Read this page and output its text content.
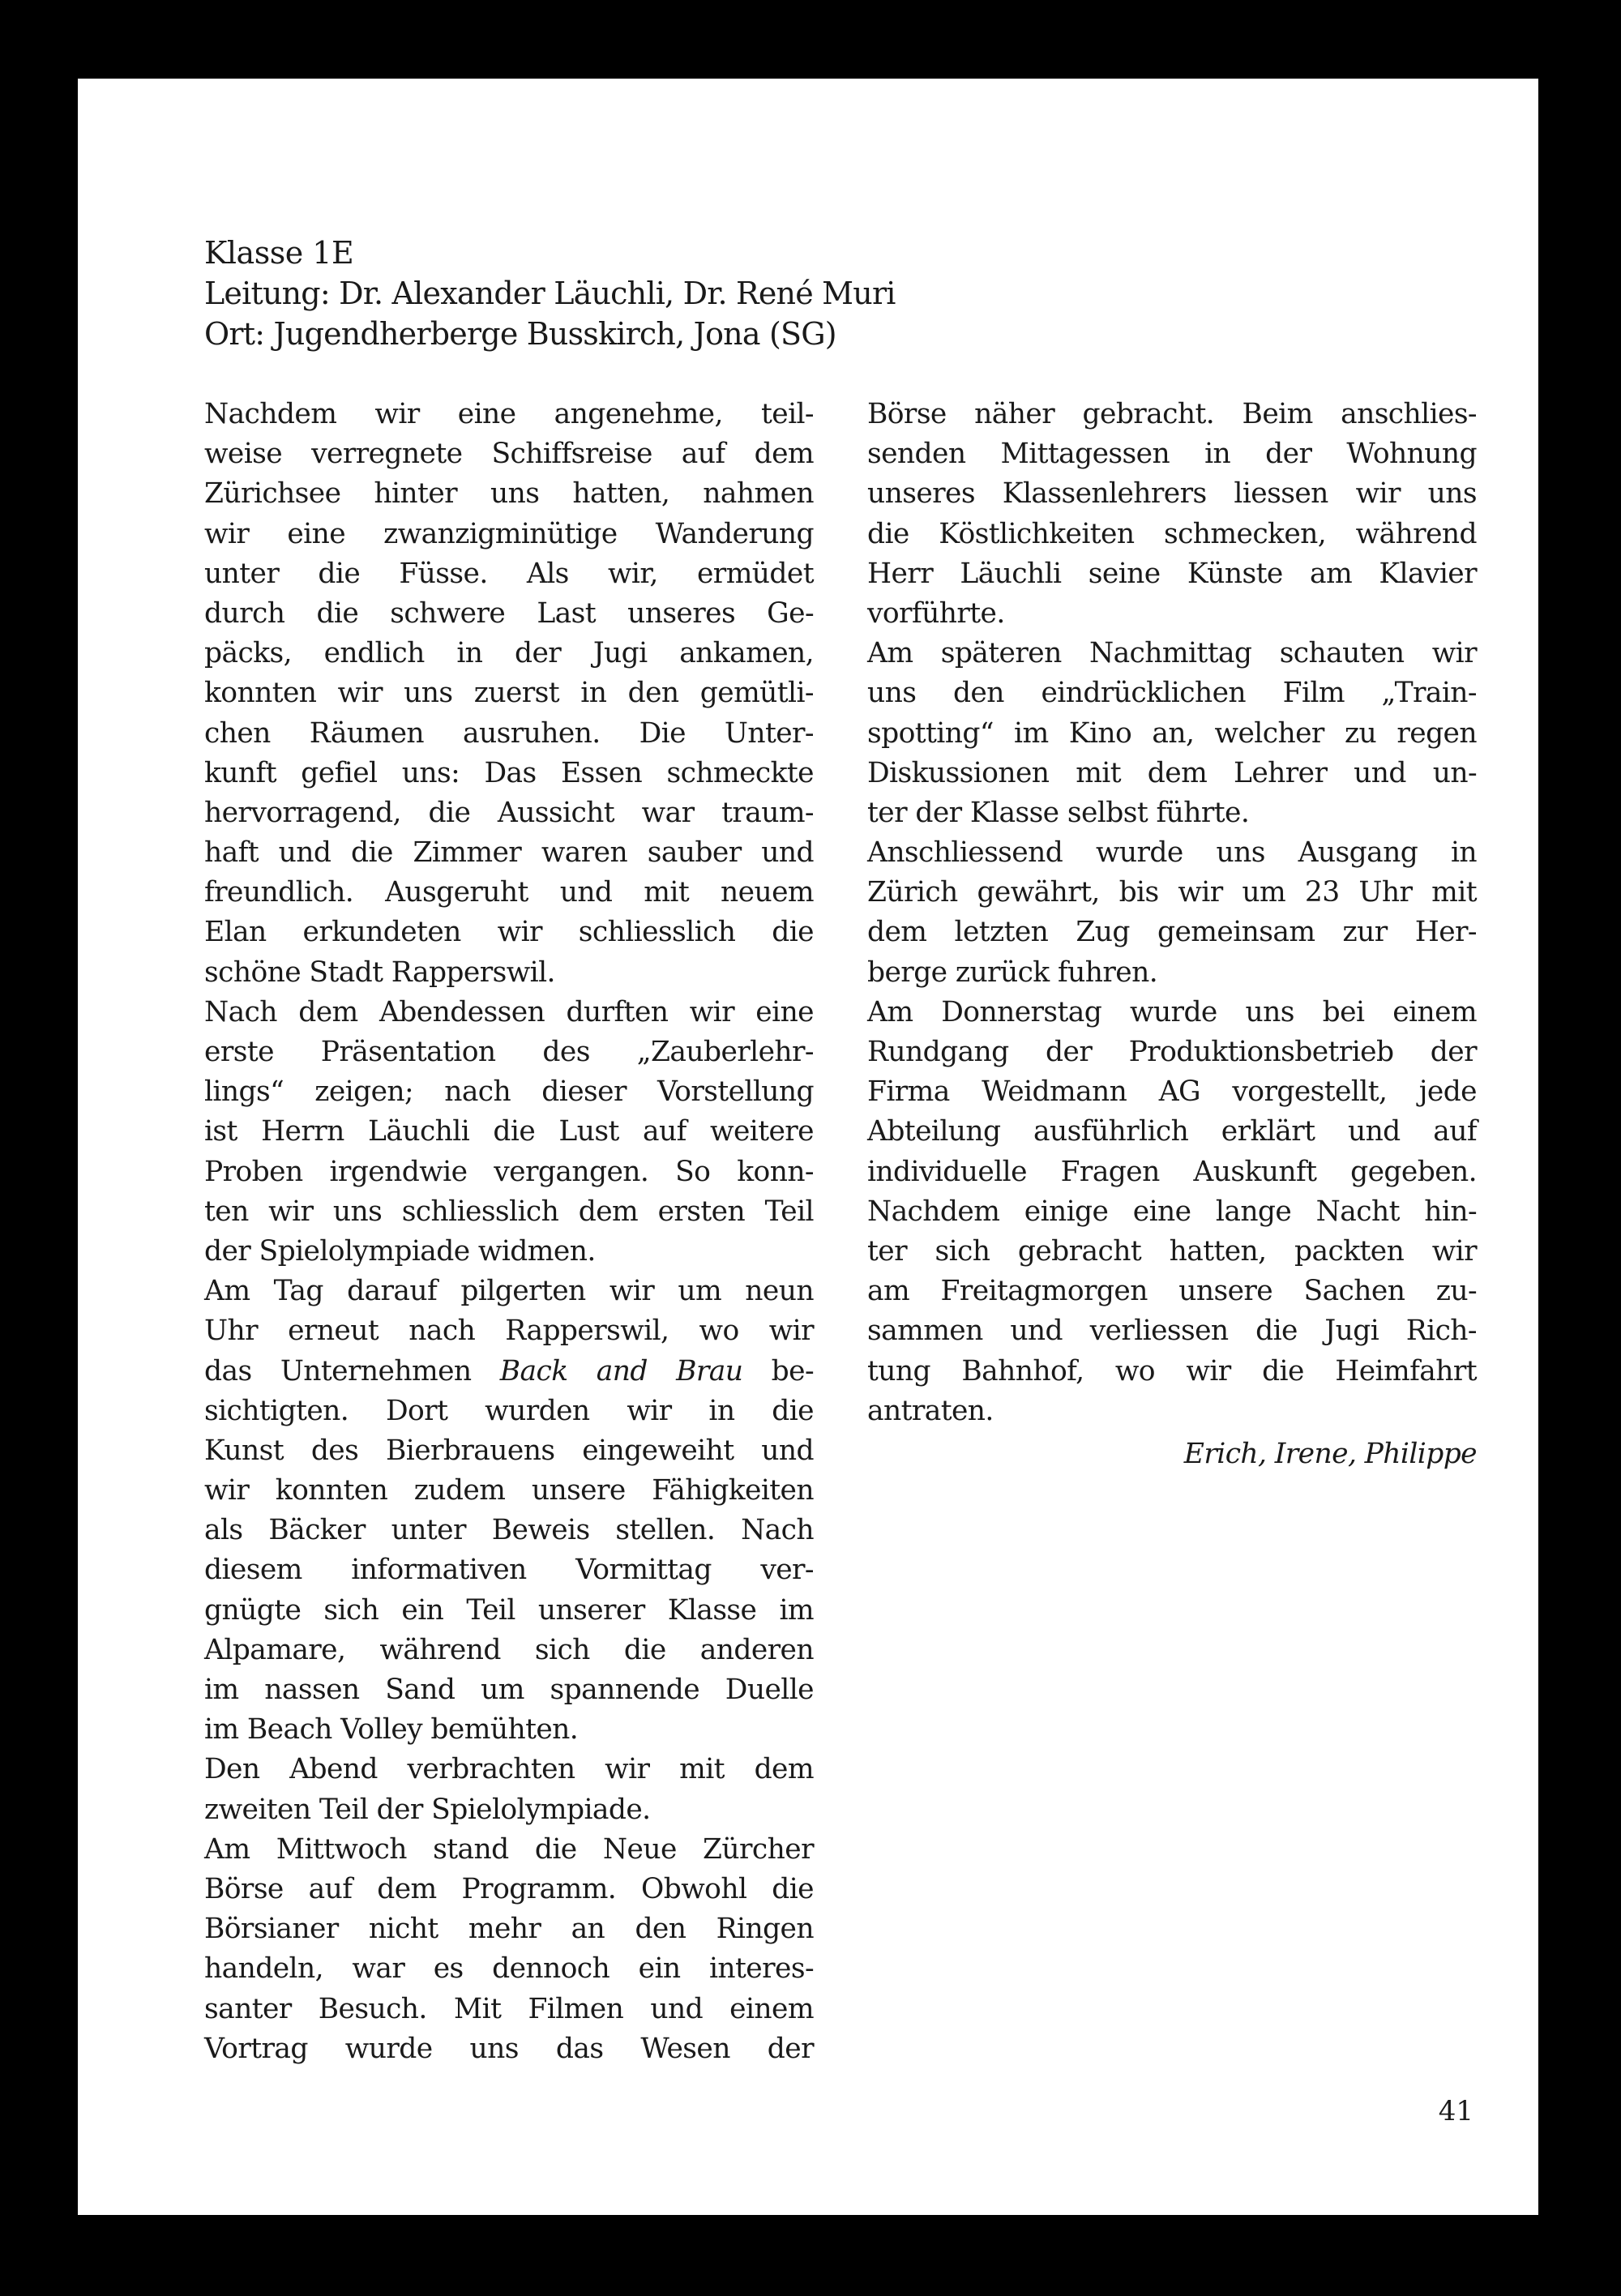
Klasse 1E
Leitung: Dr. Alexander Läuchli, Dr. René Muri
Ort: Jugendherberge Busskirch, Jona (SG)
Nachdem wir eine angenehme, teil-
weise verregnete Schiffsreise auf dem
Zürichsee hinter uns hatten, nahmen
wir eine zwanzigminütige Wanderung
unter die Füsse. Als wir, ermüdet
durch die schwere Last unseres Ge-
päcks, endlich in der Jugi ankamen,
konnten wir uns zuerst in den gemütli-
chen Räumen ausruhen. Die Unter-
kunft gefiel uns: Das Essen schmeckte
hervorragend, die Aussicht war traum-
haft und die Zimmer waren sauber und
freundlich. Ausgeruht und mit neuem
Elan erkundeten wir schliesslich die
schöne Stadt Rapperswil.
Nach dem Abendessen durften wir eine
erste Präsentation des „Zauberlehr-
lings“ zeigen; nach dieser Vorstellung
ist Herrn Läuchli die Lust auf weitere
Proben irgendwie vergangen. So konn-
ten wir uns schliesslich dem ersten Teil
der Spielolympiade widmen.
Am Tag darauf pilgerten wir um neun
Uhr erneut nach Rapperswil, wo wir
das Unternehmen Back and Brau be-
sichtigten. Dort wurden wir in die
Kunst des Bierbrauens eingeweiht und
wir konnten zudem unsere Fähigkeiten
als Bäcker unter Beweis stellen. Nach
diesem informativen Vormittag ver-
gnügte sich ein Teil unserer Klasse im
Alpamare, während sich die anderen
im nassen Sand um spannende Duelle
im Beach Volley bemühten.
Den Abend verbrachten wir mit dem
zweiten Teil der Spielolympiade.
Am Mittwoch stand die Neue Zürcher
Börse auf dem Programm. Obwohl die
Börsianer nicht mehr an den Ringen
handeln, war es dennoch ein interes-
santer Besuch. Mit Filmen und einem
Vortrag wurde uns das Wesen der
Börse näher gebracht. Beim anschlies-
senden Mittagessen in der Wohnung
unseres Klassenlehrers liessen wir uns
die Köstlichkeiten schmecken, während
Herr Läuchli seine Künste am Klavier
vorführte.
Am späteren Nachmittag schauten wir
uns den eindrücklichen Film „Train-
spotting“ im Kino an, welcher zu regen
Diskussionen mit dem Lehrer und un-
ter der Klasse selbst führte.
Anschliessend wurde uns Ausgang in
Zürich gewährt, bis wir um 23 Uhr mit
dem letzten Zug gemeinsam zur Her-
berge zurück fuhren.
Am Donnerstag wurde uns bei einem
Rundgang der Produktionsbetrieb der
Firma Weidmann AG vorgestellt, jede
Abteilung ausführlich erklärt und auf
individuelle Fragen Auskunft gegeben.
Nachdem einige eine lange Nacht hin-
ter sich gebracht hatten, packten wir
am Freitagmorgen unsere Sachen zu-
sammen und verliessen die Jugi Rich-
tung Bahnhof, wo wir die Heimfahrt
antraten.
Erich, Irene, Philippe
41
